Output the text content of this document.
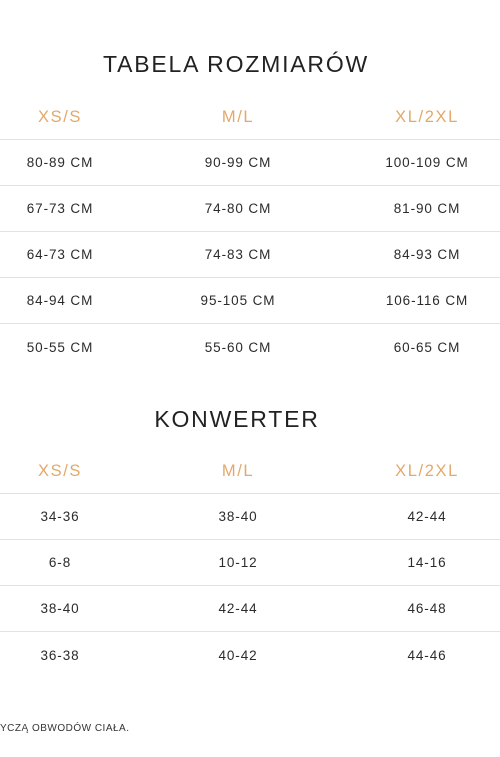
TABELA ROZMIARÓW
XS/S	M/L	XL/2XL
80-89 CM	90-99 CM	100-109 CM
67-73 CM	74-80 CM	81-90 CM
64-73 CM	74-83 CM	84-93 CM
84-94 CM	95-105 CM	106-116 CM
50-55 CM	55-60 CM	60-65 CM
KONWERTER
XS/S	M/L	XL/2XL
34-36	38-40	42-44
6-8	10-12	14-16
38-40	42-44	46-48
36-38	40-42	44-46
YCZĄ OBWODÓW CIAŁA.
